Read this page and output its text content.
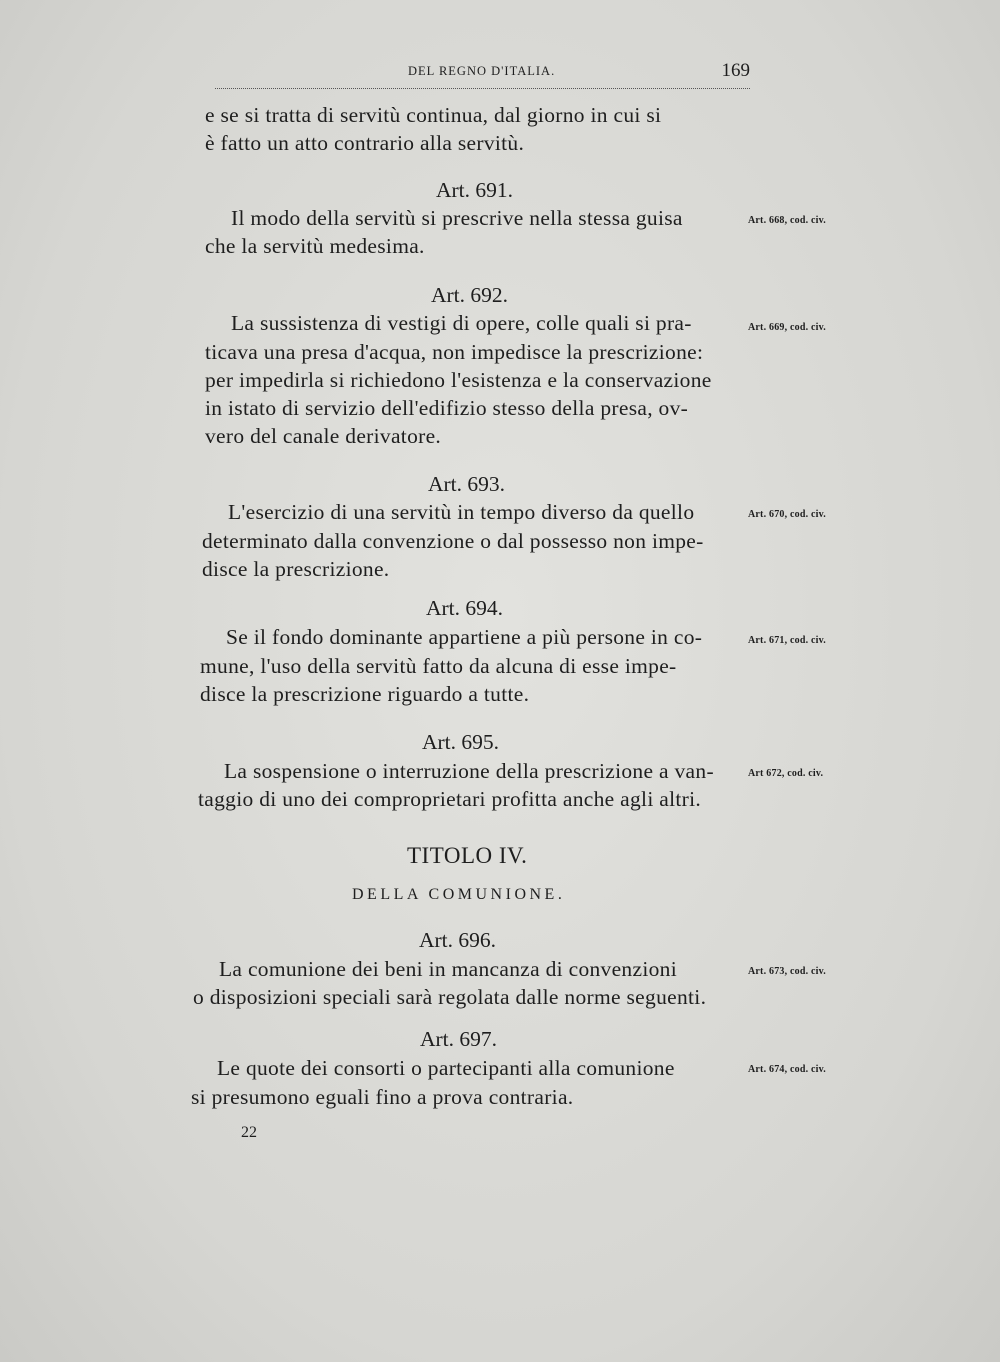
DEL REGNO D'ITALIA.	169
e se si tratta di servitù continua, dal giorno in cui si
è fatto un atto contrario alla servitù.
Art. 691.
Il modo della servitù si prescrive nella stessa guisa
che la servitù medesima.
Art. 668, cod. civ.
Art. 692.
La sussistenza di vestigi di opere, colle quali si pra-
ticava una presa d'acqua, non impedisce la prescrizione:
per impedirla si richiedono l'esistenza e la conservazione
in istato di servizio dell'edifizio stesso della presa, ov-
vero del canale derivatore.
Art. 669, cod. civ.
Art. 693.
L'esercizio di una servitù in tempo diverso da quello
determinato dalla convenzione o dal possesso non impe-
disce la prescrizione.
Art. 670, cod. civ.
Art. 694.
Se il fondo dominante appartiene a più persone in co-
mune, l'uso della servitù fatto da alcuna di esse impe-
disce la prescrizione riguardo a tutte.
Art. 671, cod. civ.
Art. 695.
La sospensione o interruzione della prescrizione a van-
taggio di uno dei comproprietari profitta anche agli altri.
Art 672, cod. civ.
TITOLO IV.
DELLA COMUNIONE.
Art. 696.
La comunione dei beni in mancanza di convenzioni
o disposizioni speciali sarà regolata dalle norme seguenti.
Art. 673, cod. civ.
Art. 697.
Le quote dei consorti o partecipanti alla comunione
si presumono eguali fino a prova contraria.
Art. 674, cod. civ.
22
